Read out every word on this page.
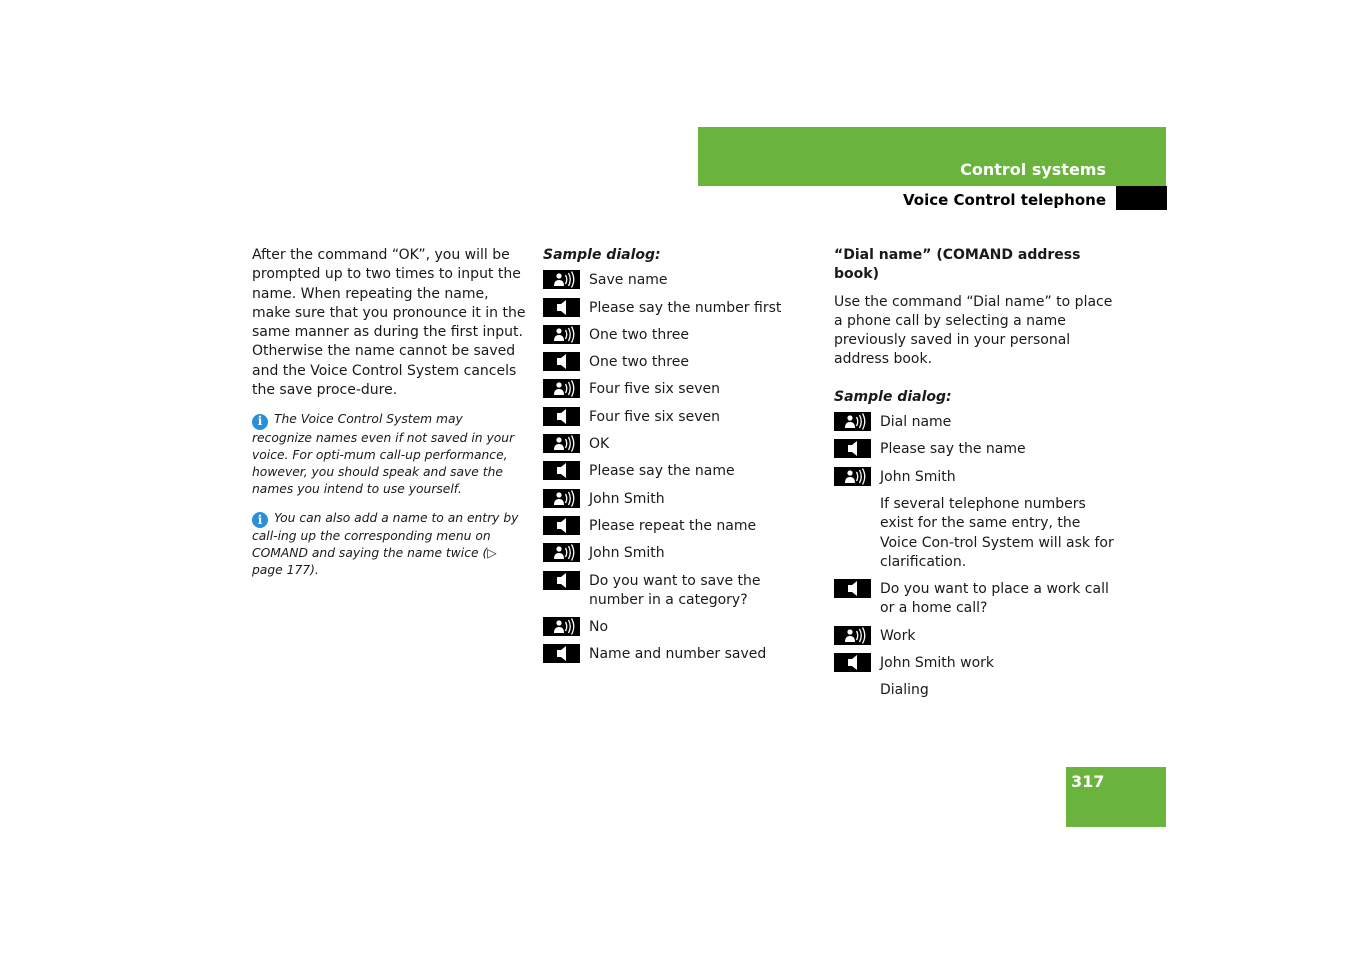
Control systems
Voice Control telephone

After the command “OK”, you will be prompted up to two times to input the name. When repeating the name, make sure that you pronounce it in the same manner as during the first input. Otherwise the name cannot be saved and the Voice Control System cancels the save proce-dure.

i The Voice Control System may recognize names even if not saved in your voice. For opti-mum call-up performance, however, you should speak and save the names you intend to use yourself.
i You can also add a name to an entry by call-ing up the corresponding menu on COMAND and saying the name twice (▷ page 177).

Sample dialog:

Save name
Please say the number first
One two three
One two three
Four five six seven
Four five six seven
OK
Please say the name
John Smith
Please repeat the name
John Smith
Do you want to save the number in a category?
No
Name and number saved

“Dial name” (COMAND address book)

Use the command “Dial name” to place a phone call by selecting a name previously saved in your personal address book.

Sample dialog:

Dial name
Please say the name
John Smith
If several telephone numbers exist for the same entry, the Voice Con-trol System will ask for clarification.
Do you want to place a work call or a home call?
Work
John Smith work
Dialing
317
